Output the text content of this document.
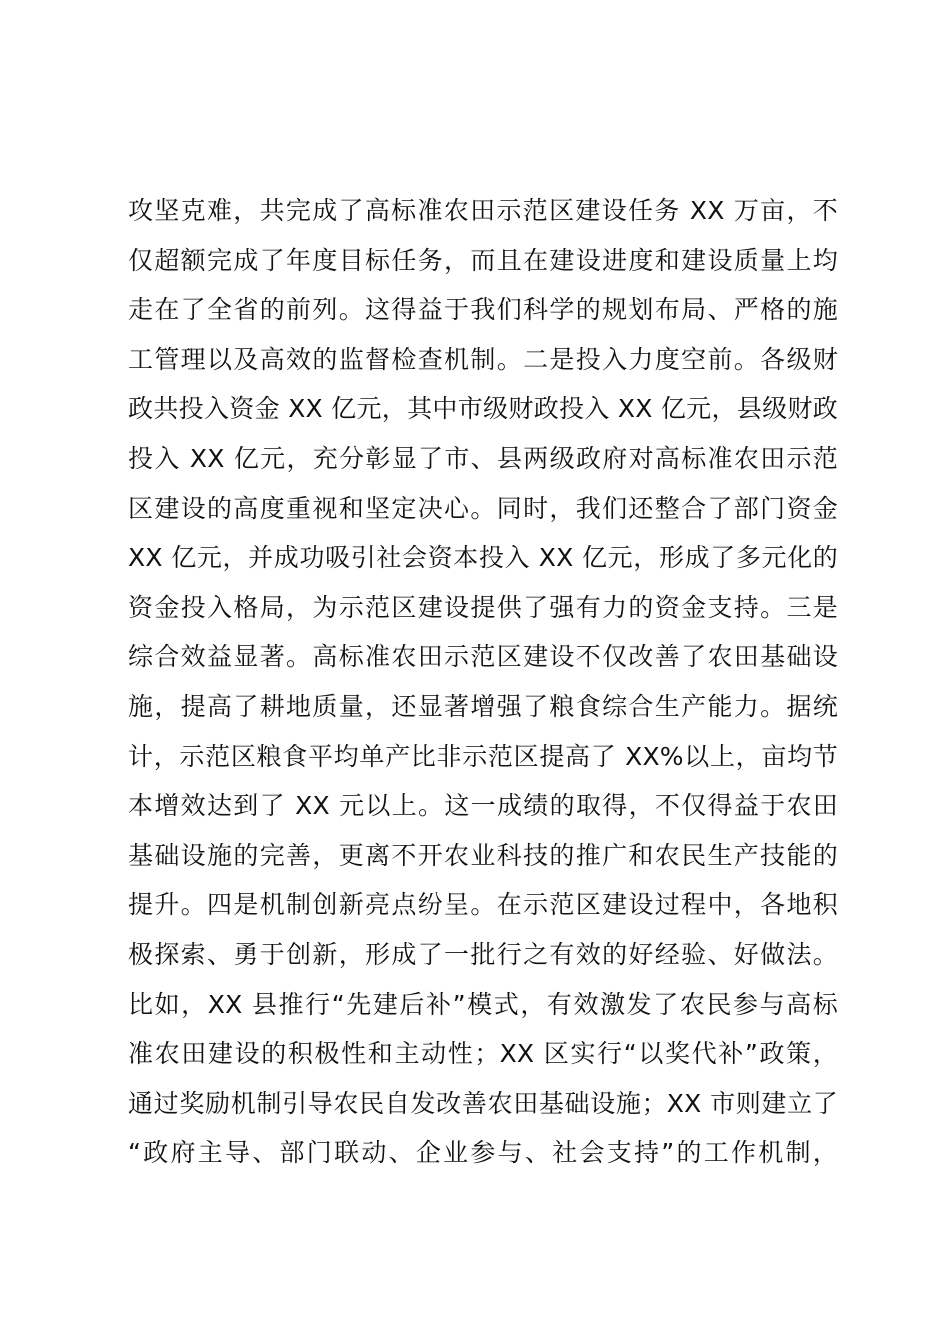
攻坚克难，共完成了高标准农田示范区建设任务 XX 万亩，不
仅超额完成了年度目标任务，而且在建设进度和建设质量上均
走在了全省的前列。这得益于我们科学的规划布局、严格的施
工管理以及高效的监督检查机制。二是投入力度空前。各级财
政共投入资金 XX 亿元，其中市级财政投入 XX 亿元，县级财政
投入 XX 亿元，充分彰显了市、县两级政府对高标准农田示范
区建设的高度重视和坚定决心。同时，我们还整合了部门资金
XX 亿元，并成功吸引社会资本投入 XX 亿元，形成了多元化的
资金投入格局，为示范区建设提供了强有力的资金支持。三是
综合效益显著。高标准农田示范区建设不仅改善了农田基础设
施，提高了耕地质量，还显著增强了粮食综合生产能力。据统
计，示范区粮食平均单产比非示范区提高了 XX%以上，亩均节
本增效达到了 XX 元以上。这一成绩的取得，不仅得益于农田
基础设施的完善，更离不开农业科技的推广和农民生产技能的
提升。四是机制创新亮点纷呈。在示范区建设过程中，各地积
极探索、勇于创新，形成了一批行之有效的好经验、好做法。
比如，XX 县推行“先建后补”模式，有效激发了农民参与高标
准农田建设的积极性和主动性；XX 区实行“以奖代补”政策，
通过奖励机制引导农民自发改善农田基础设施；XX 市则建立了
“政府主导、部门联动、企业参与、社会支持”的工作机制，
